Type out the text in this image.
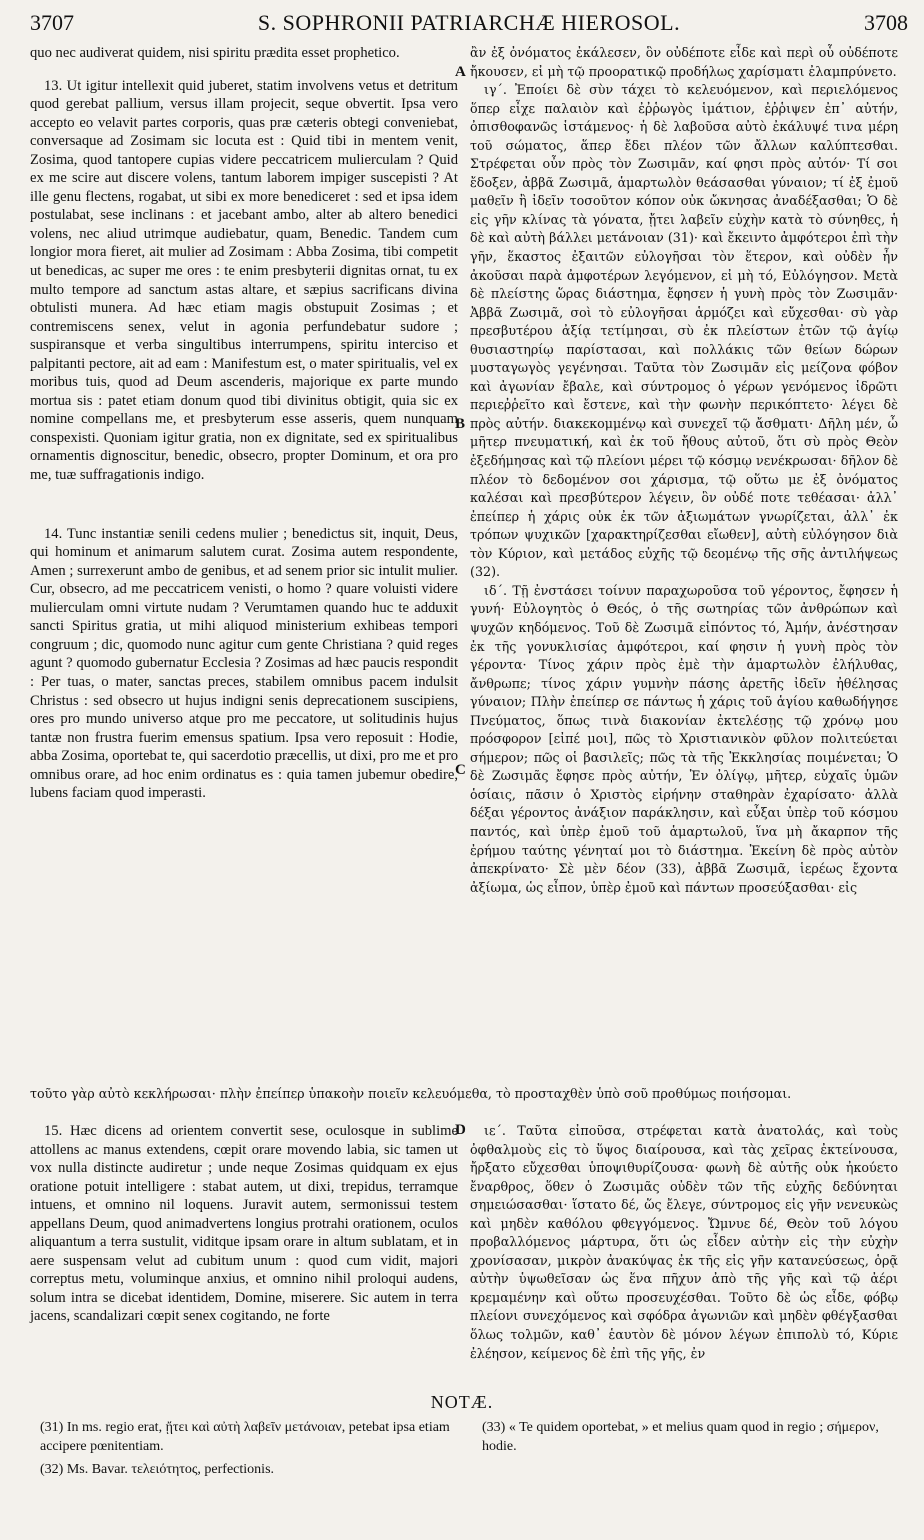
3707	S. SOPHRONII PATRIARCHÆ HIEROSOL.	3708

quo nec audiverat quidem, nisi spiritu prædita esset prophetico.

13. Ut igitur intellexit quid juberet, statim involvens vetus et detritum quod gerebat pallium, versus illam projecit, seque obvertit. Ipsa vero accepto eo velavit partes corporis, quas præ cæteris obtegi conveniebat, conversaque ad Zosimam sic locuta est : Quid tibi in mentem venit, Zosima, quod tantopere cupias videre peccatricem mulierculam ? Quid ex me scire aut discere volens, tantum laborem impiger suscepisti ? At ille genu flectens, rogabat, ut sibi ex more benediceret : sed et ipsa idem postulabat, sese inclinans : et jacebant ambo, alter ab altero benedici volens, nec aliud utrimque audiebatur, quam, Benedic. Tandem cum longior mora fieret, ait mulier ad Zosimam : Abba Zosima, tibi competit ut benedicas, ac super me ores : te enim presbyterii dignitas ornat, tu ex multo tempore ad sanctum astas altare, et sæpius sacrificans divina obtulisti munera. Ad hæc etiam magis obstupuit Zosimas ; et contremiscens senex, velut in agonia perfundebatur sudore ; suspiransque et verba singultibus interrumpens, spiritu interciso et palpitanti pectore, ait ad eam : Manifestum est, o mater spiritualis, vel ex moribus tuis, quod ad Deum ascenderis, majorique ex parte mundo mortua sis : patet etiam donum quod tibi divinitus obtigit, quia sic ex nomine compellans me, et presbyterum esse asseris, quem nunquam conspexisti. Quoniam igitur gratia, non ex dignitate, sed ex spiritualibus ornamentis dignoscitur, benedic, obsecro, propter Dominum, et ora pro me, tuæ suffragationis indigo.

14. Tunc instantiæ senili cedens mulier ; benedictus sit, inquit, Deus, qui hominum et animarum salutem curat. Zosima autem respondente, Amen ; surrexerunt ambo de genibus, et ad senem prior sic intulit mulier. Cur, obsecro, ad me peccatricem venisti, o homo ? quare voluisti videre mulierculam omni virtute nudam ? Verumtamen quando huc te adduxit sancti Spiritus gratia, ut mihi aliquod ministerium exhibeas tempori congruum ; dic, quomodo nunc agitur cum gente Christiana ? quid reges agunt ? quomodo gubernatur Ecclesia ? Zosimas ad hæc paucis respondit : Per tuas, o mater, sanctas preces, stabilem omnibus pacem indulsit Christus : sed obsecro ut hujus indigni senis deprecationem suscipiens, ores pro mundo universo atque pro me peccatore, ut solitudinis hujus tantæ non frustra fuerim emensus spatium. Ipsa vero reposuit : Hodie, abba Zosima, oportebat te, qui sacerdotio præcellis, ut dixi, pro me et pro omnibus orare, ad hoc enim ordinatus es : quia tamen jubemur obedire, lubens faciam quod imperasti.

ἂν ἐξ ὀνόματος ἐκάλεσεν, ὃν οὐδέποτε εἶδε καὶ περὶ οὗ οὐδέποτε ἤκουσεν, εἰ μὴ τῷ προορατικῷ προδήλως χαρίσματι ἐλαμπρύνετο.

ιγ΄. Ἐποίει δὲ σὺν τάχει τὸ κελευόμενον, καὶ περιελόμενος ὅπερ εἶχε παλαιὸν καὶ ἐῤῥωγὸς ἱμάτιον, ἐῤῥιψεν ἐπ᾿ αὐτήν, ὀπισθοφανῶς ἱστάμενος· ἡ δὲ λαβοῦσα αὐτὸ ἐκάλυψέ τινα μέρη τοῦ σώματος, ἅπερ ἔδει πλέον τῶν ἄλλων καλύπτεσθαι. Στρέφεται οὖν πρὸς τὸν Ζωσιμᾶν, καί φησι πρὸς αὐτόν· Τί σοι ἔδοξεν, ἀββᾶ Ζωσιμᾶ, ἁμαρτωλὸν θεάσασθαι γύναιον; τί ἐξ ἐμοῦ μαθεῖν ἢ ἰδεῖν τοσοῦτον κόπον οὐκ ὤκνησας ἀναδέξασθαι; Ὁ δὲ εἰς γῆν κλίνας τὰ γόνατα, ᾔτει λαβεῖν εὐχὴν κατὰ τὸ σύνηθες, ἡ δὲ καὶ αὐτὴ βάλλει μετάνοιαν (31)· καὶ ἔκειντο ἀμφότεροι ἐπὶ τὴν γῆν, ἕκαστος ἐξαιτῶν εὐλογῆσαι τὸν ἕτερον, καὶ οὐδὲν ἦν ἀκοῦσαι παρὰ ἀμφοτέρων λεγόμενον, εἰ μὴ τό, Εὐλόγησον. Μετὰ δὲ πλείστης ὥρας διάστημα, ἔφησεν ἡ γυνὴ πρὸς τὸν Ζωσιμᾶν· Ἀββᾶ Ζωσιμᾶ, σοὶ τὸ εὐλογῆσαι ἁρμόζει καὶ εὔχεσθαι· σὺ γὰρ πρεσβυτέρου ἀξίᾳ τετίμησαι, σὺ ἐκ πλείστων ἐτῶν τῷ ἁγίῳ θυσιαστηρίῳ παρίστασαι, καὶ πολλάκις τῶν θείων δώρων μυσταγωγὸς γεγένησαι. Ταῦτα τὸν Ζωσιμᾶν εἰς μείζονα φόβον καὶ ἀγωνίαν ἔβαλε, καὶ σύντρομος ὁ γέρων γενόμενος ἱδρῶτι περιεῤῥεῖτο καὶ ἔστενε, καὶ τὴν φωνὴν περικόπτετο· λέγει δὲ πρὸς αὐτήν. διακεκομμένῳ καὶ συνεχεῖ τῷ ἄσθματι· Δῆλη μέν, ὦ μῆτερ πνευματική, καὶ ἐκ τοῦ ἤθους αὐτοῦ, ὅτι σὺ πρὸς Θεὸν ἐξεδήμησας καὶ τῷ πλείονι μέρει τῷ κόσμῳ νενέκρωσαι· δῆλον δὲ πλέον τὸ δεδομένον σοι χάρισμα, τῷ οὕτω με ἐξ ὀνόματος καλέσαι καὶ πρεσβύτερον λέγειν, ὃν οὐδέ ποτε τεθέασαι· ἀλλ᾿ ἐπείπερ ἡ χάρις οὐκ ἐκ τῶν ἀξιωμάτων γνωρίζεται, ἀλλ᾿ ἐκ τρόπων ψυχικῶν [χαρακτηρίζεσθαι εἴωθεν], αὐτὴ εὐλόγησον διὰ τὸν Κύριον, καὶ μετάδος εὐχῆς τῷ δεομένῳ τῆς σῆς ἀντιλήψεως (32).

ιδ΄. Τῇ ἐνστάσει τοίνυν παραχωροῦσα τοῦ γέροντος, ἔφησεν ἡ γυνή· Εὐλογητὸς ὁ Θεός, ὁ τῆς σωτηρίας τῶν ἀνθρώπων καὶ ψυχῶν κηδόμενος. Τοῦ δὲ Ζωσιμᾶ εἰπόντος τό, Ἀμήν, ἀνέστησαν ἐκ τῆς γονυκλισίας ἀμφότεροι, καί φησιν ἡ γυνὴ πρὸς τὸν γέροντα· Τίνος χάριν πρὸς ἐμὲ τὴν ἁμαρτωλὸν ἐλήλυθας, ἄνθρωπε; τίνος χάριν γυμνὴν πάσης ἀρετῆς ἰδεῖν ἠθέλησας γύναιον; Πλὴν ἐπείπερ σε πάντως ἡ χάρις τοῦ ἁγίου καθωδήγησε Πνεύματος, ὅπως τινὰ διακονίαν ἐκτελέσῃς τῷ χρόνῳ μου πρόσφορον [εἰπέ μοι], πῶς τὸ Χριστιανικὸν φῦλον πολιτεύεται σήμερον; πῶς οἱ βασιλεῖς; πῶς τὰ τῆς Ἐκκλησίας ποιμένεται; Ὁ δὲ Ζωσιμᾶς ἔφησε πρὸς αὐτήν, Ἐν ὀλίγῳ, μῆτερ, εὐχαῖς ὑμῶν ὁσίαις, πᾶσιν ὁ Χριστὸς εἰρήνην σταθηρὰν ἐχαρίσατο· ἀλλὰ δέξαι γέροντος ἀνάξιον παράκλησιν, καὶ εὖξαι ὑπὲρ τοῦ κόσμου παντός, καὶ ὑπὲρ ἐμοῦ τοῦ ἁμαρτωλοῦ, ἵνα μὴ ἄκαρπον τῆς ἐρήμου ταύτης γένηταί μοι τὸ διάστημα. Ἐκείνη δὲ πρὸς αὐτὸν ἀπεκρίνατο· Σὲ μὲν δέον (33), ἀββᾶ Ζωσιμᾶ, ἱερέως ἔχοντα ἀξίωμα, ὡς εἶπον, ὑπὲρ ἐμοῦ καὶ πάντων προσεύξασθαι· εἰς

A
B
C
D
τοῦτο γὰρ αὐτὸ κεκλήρωσαι· πλὴν ἐπείπερ ὑπακοὴν ποιεῖν κελευόμεθα, τὸ προσταχθὲν ὑπὸ σοῦ προθύμως ποιήσομαι.

15. Hæc dicens ad orientem convertit sese, oculosque in sublime attollens ac manus extendens, cœpit orare movendo labia, sic tamen ut vox nulla distincte audiretur ; unde neque Zosimas quidquam ex ejus oratione potuit intelligere : stabat autem, ut dixi, trepidus, terramque intuens, et omnino nil loquens. Juravit autem, sermonissui testem appellans Deum, quod animadvertens longius protrahi orationem, oculos aliquantum a terra sustulit, viditque ipsam orare in altum sublatam, et in aere suspensam velut ad cubitum unum : quod cum vidit, majori correptus metu, voluminque anxius, et omnino nihil proloqui audens, solum intra se dicebat identidem, Domine, miserere. Sic autem in terra jacens, scandalizari cœpit senex cogitando, ne forte

ιε΄. Ταῦτα εἰποῦσα, στρέφεται κατὰ ἀνατολάς, καὶ τοὺς ὀφθαλμοὺς εἰς τὸ ὕψος διαίρουσα, καὶ τὰς χεῖρας ἐκτείνουσα, ἤρξατο εὔχεσθαι ὑποψιθυρίζουσα· φωνὴ δὲ αὐτῆς οὐκ ἠκούετο ἔναρθρος, ὅθεν ὁ Ζωσιμᾶς οὐδὲν τῶν τῆς εὐχῆς δεδύνηται σημειώσασθαι· ἵστατο δέ, ὥς ἔλεγε, σύντρομος εἰς γῆν νενευκὼς καὶ μηδὲν καθόλου φθεγγόμενος. Ὤμνυε δέ, Θεὸν τοῦ λόγου προβαλλόμενος μάρτυρα, ὅτι ὡς εἶδεν αὐτὴν εἰς τὴν εὐχὴν χρονίσασαν, μικρὸν ἀνακύψας ἐκ τῆς εἰς γῆν κατανεύσεως, ὁρᾷ αὐτὴν ὑψωθεῖσαν ὡς ἕνα πῆχυν ἀπὸ τῆς γῆς καὶ τῷ ἀέρι κρεμαμένην καὶ οὕτω προσευχέσθαι. Τοῦτο δὲ ὡς εἶδε, φόβῳ πλείονι συνεχόμενος καὶ σφόδρα ἀγωνιῶν καὶ μηδὲν φθέγξασθαι ὅλως τολμῶν, καθ᾿ ἑαυτὸν δὲ μόνον λέγων ἐπιπολὺ τό, Κύριε ἐλέησον, κείμενος δὲ ἐπὶ τῆς γῆς, ἐν

NOTÆ.
(31) In ms. regio erat, ᾔτει καὶ αὐτὴ λαβεῖν μετάνοιαν, petebat ipsa etiam accipere pœnitentiam.
(32) Ms. Bavar. τελειότητος, perfectionis.
(33) « Te quidem oportebat, » et melius quam quod in regio ; σήμερον, hodie.
